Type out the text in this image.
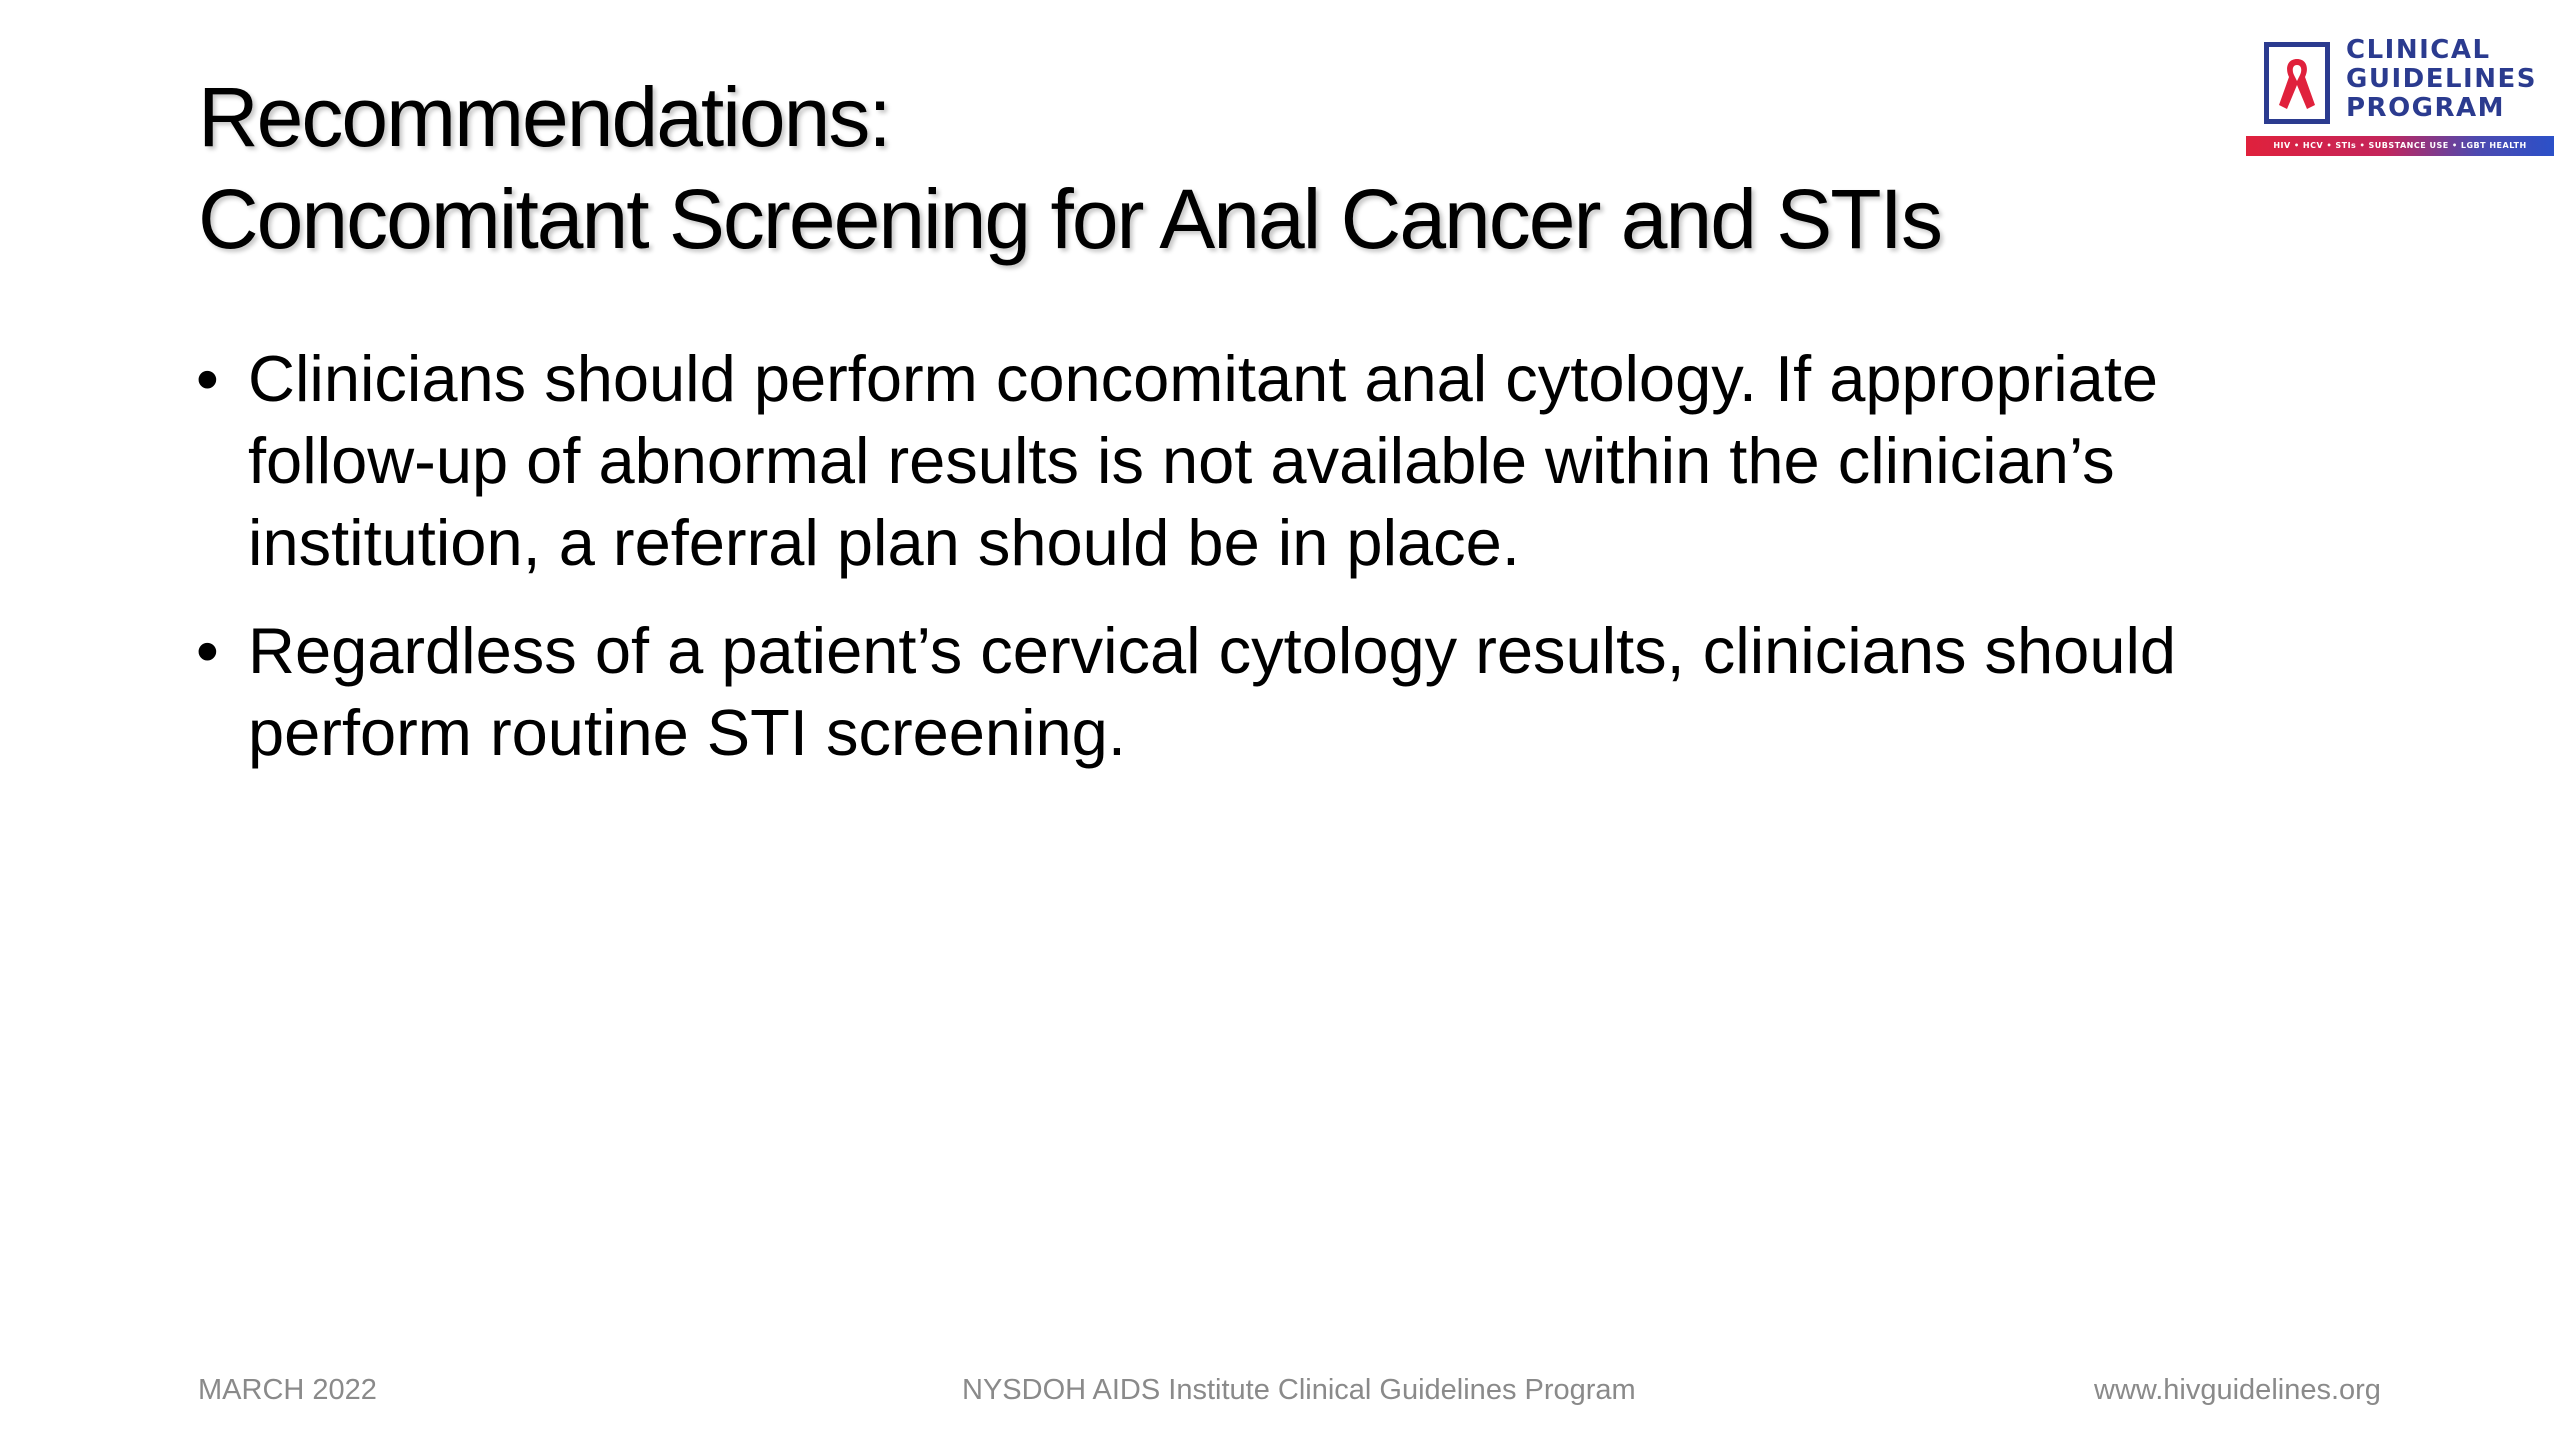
Recommendations:
Concomitant Screening for Anal Cancer and STIs
CLINICAL
GUIDELINES
PROGRAM
HIV • HCV • STIs • SUBSTANCE USE • LGBT HEALTH
• Clinicians should perform concomitant anal cytology. If appropriate follow-up of abnormal results is not available within the clinician’s institution, a referral plan should be in place.
• Regardless of a patient’s cervical cytology results, clinicians should perform routine STI screening.
MARCH 2022	NYSDOH AIDS Institute Clinical Guidelines Program	www.hivguidelines.org
